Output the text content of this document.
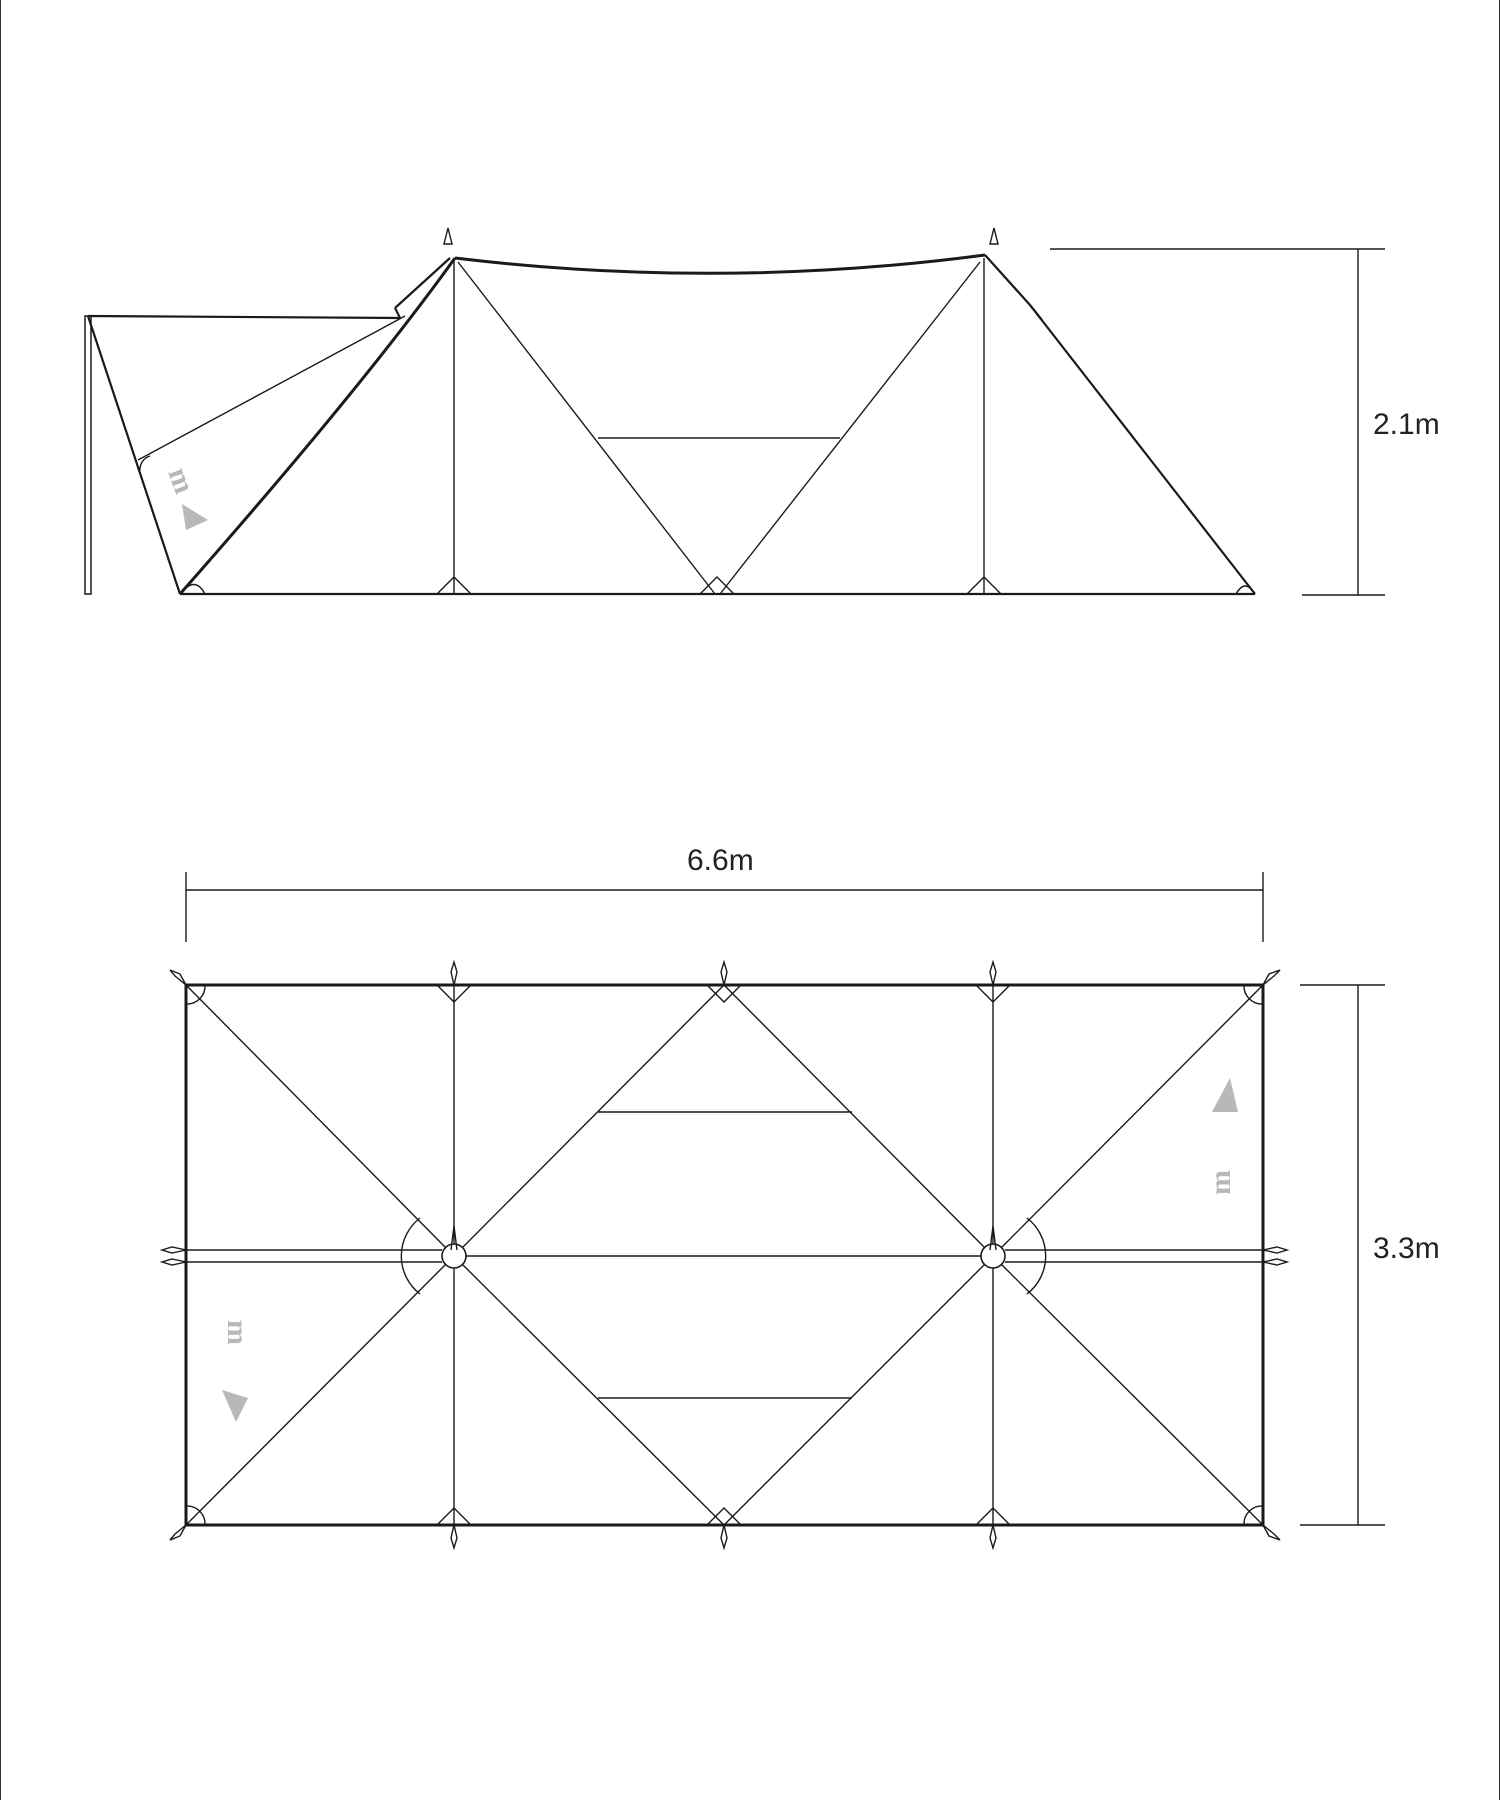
m
2.1m
6.6m
m
m
3.3m
